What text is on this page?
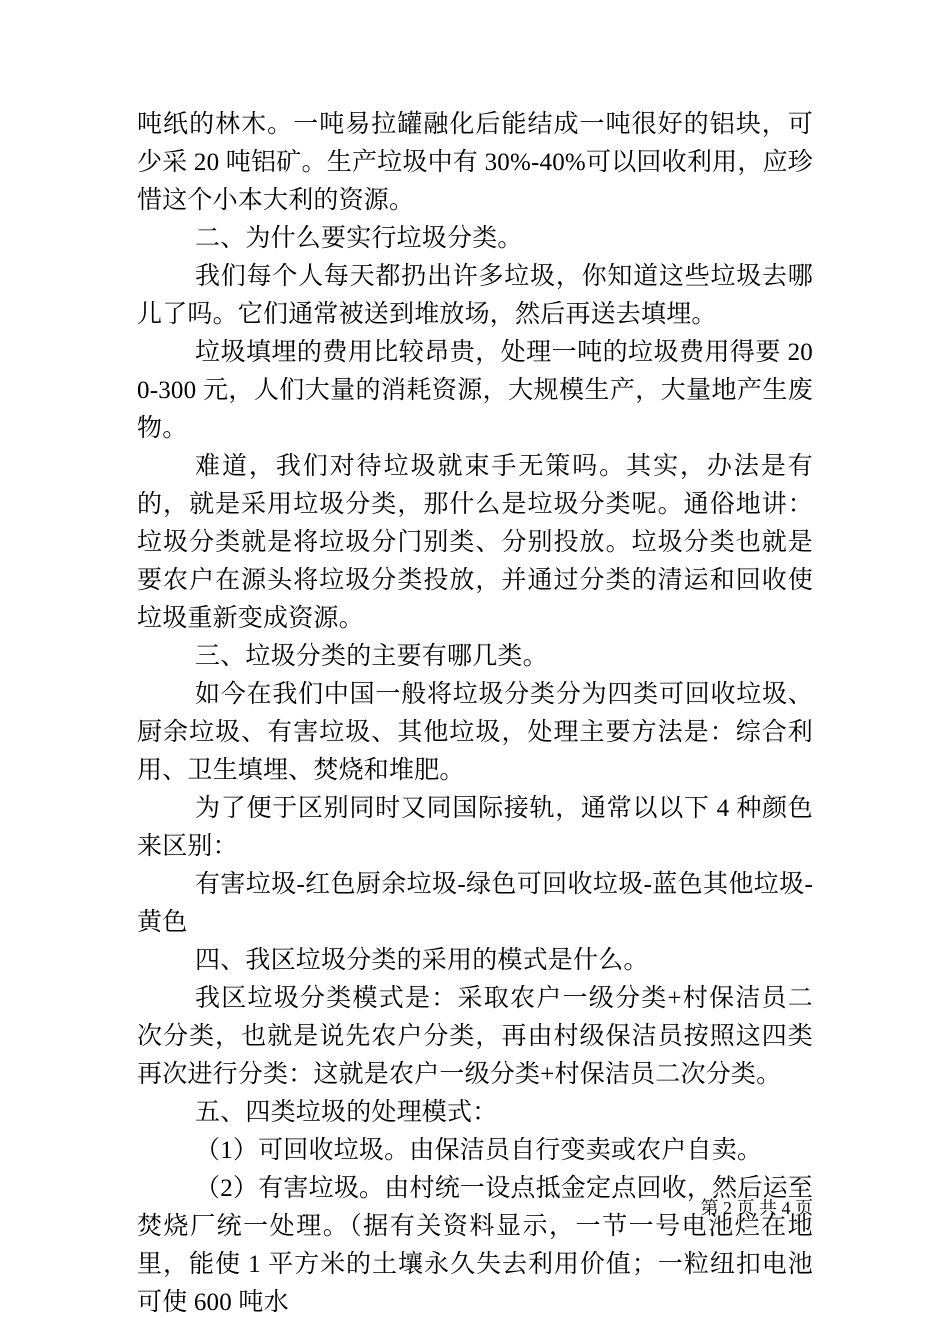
吨纸的林木。一吨易拉罐融化后能结成一吨很好的铝块，可少采 20 吨铝矿。生产垃圾中有 30%-40%可以回收利用，应珍惜这个小本大利的资源。

二、为什么要实行垃圾分类。

我们每个人每天都扔出许多垃圾，你知道这些垃圾去哪儿了吗。它们通常被送到堆放场，然后再送去填埋。

垃圾填埋的费用比较昂贵，处理一吨的垃圾费用得要 200-300 元，人们大量的消耗资源，大规模生产，大量地产生废物。

难道，我们对待垃圾就束手无策吗。其实，办法是有的，就是采用垃圾分类，那什么是垃圾分类呢。通俗地讲：垃圾分类就是将垃圾分门别类、分别投放。垃圾分类也就是要农户在源头将垃圾分类投放，并通过分类的清运和回收使垃圾重新变成资源。

三、垃圾分类的主要有哪几类。

如今在我们中国一般将垃圾分类分为四类可回收垃圾、厨余垃圾、有害垃圾、其他垃圾，处理主要方法是：综合利用、卫生填埋、焚烧和堆肥。

为了便于区别同时又同国际接轨，通常以以下 4 种颜色来区别：

有害垃圾-红色厨余垃圾-绿色可回收垃圾-蓝色其他垃圾-黄色

四、我区垃圾分类的采用的模式是什么。

我区垃圾分类模式是：采取农户一级分类+村保洁员二次分类，也就是说先农户分类，再由村级保洁员按照这四类再次进行分类：这就是农户一级分类+村保洁员二次分类。

五、四类垃圾的处理模式：

（1）可回收垃圾。由保洁员自行变卖或农户自卖。

（2）有害垃圾。由村统一设点抵金定点回收，然后运至焚烧厂统一处理。（据有关资料显示，一节一号电池烂在地里，能使 1 平方米的土壤永久失去利用价值；一粒纽扣电池可使 600 吨水

第 2 页 共 4 页
